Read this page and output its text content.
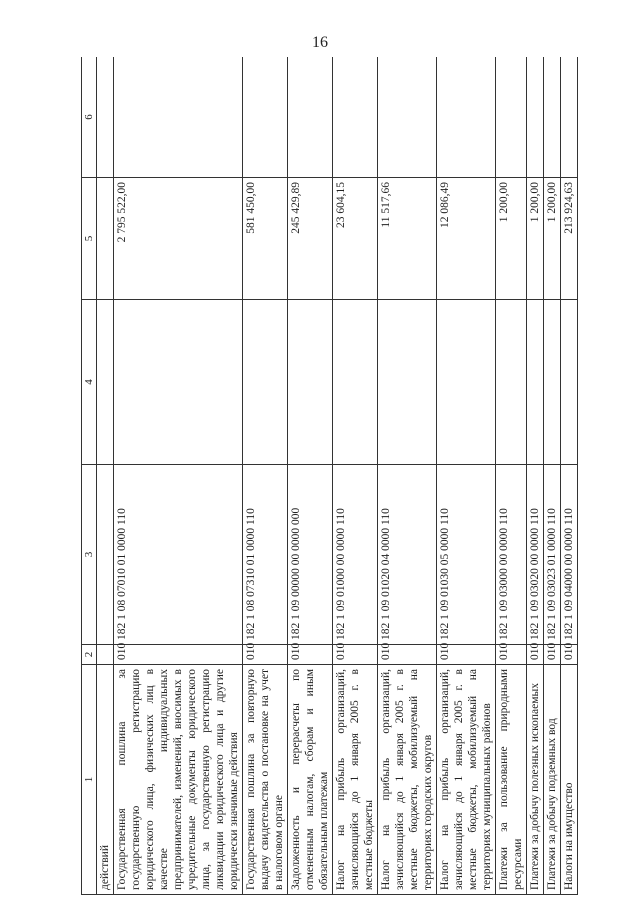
16
1	2	3	4	5	6
действий					
Государственная пошлина за государственную регистрацию юридического лица, физических лиц в качестве индивидуальных предпринимателей, изменений, вносимых в учредительные документы юридического лица, за государственную регистрацию ликвидации юридического лица и другие юридически значимые действия	010	182 1 08 07010 01 0000 110		2 795 522,00	
Государственная пошлина за повторную выдачу свидетельства о постановке на учет в налоговом органе	010	182 1 08 07310 01 0000 110		581 450,00	
Задолженность и перерасчеты по отмененным налогам, сборам и иным обязательным платежам	010	182 1 09 00000 00 0000 000		245 429,89	
Налог на прибыль организаций, зачисляющийся до 1 января 2005 г. в местные бюджеты	010	182 1 09 01000 00 0000 110		23 604,15	
Налог на прибыль организаций, зачисляющийся до 1 января 2005 г. в местные бюджеты, мобилизуемый на территориях городских округов	010	182 1 09 01020 04 0000 110		11 517,66	
Налог на прибыль организаций, зачисляющийся до 1 января 2005 г. в местные бюджеты, мобилизуемый на территориях муниципальных районов	010	182 1 09 01030 05 0000 110		12 086,49	
Платежи за пользование природными ресурсами	010	182 1 09 03000 00 0000 110		1 200,00	
Платежи за добычу полезных ископаемых	010	182 1 09 03020 00 0000 110		1 200,00	
Платежи за добычу подземных вод	010	182 1 09 03023 01 0000 110		1 200,00	
Налоги на имущество	010	182 1 09 04000 00 0000 110		213 924,63	
